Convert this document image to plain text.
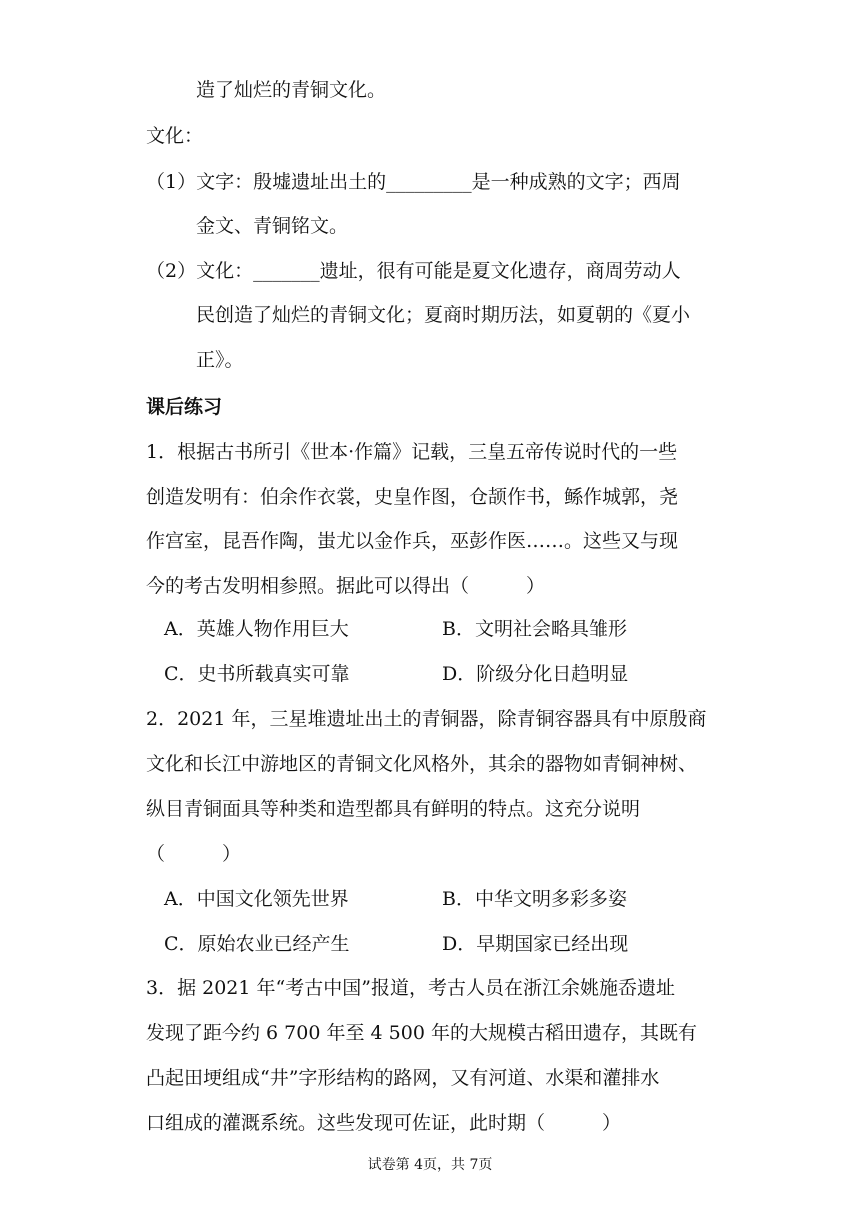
造了灿烂的青铜文化。
文化：
（1）文字：殷墟遗址出土的_________是一种成熟的文字；西周
金文、青铜铭文。
（2）文化：_______遗址，很有可能是夏文化遗存，商周劳动人
民创造了灿烂的青铜文化；夏商时期历法，如夏朝的《夏小
正》。
课后练习
1．根据古书所引《世本·作篇》记载，三皇五帝传说时代的一些
创造发明有：伯余作衣裳，史皇作图，仓颉作书，鲧作城郭，尧
作宫室，昆吾作陶，蚩尤以金作兵，巫彭作医……。这些又与现
今的考古发明相参照。据此可以得出（　　　）
A．英雄人物作用巨大	B．文明社会略具雏形
C．史书所载真实可靠	D．阶级分化日趋明显
2．2021 年，三星堆遗址出土的青铜器，除青铜容器具有中原殷商
文化和长江中游地区的青铜文化风格外，其余的器物如青铜神树、
纵目青铜面具等种类和造型都具有鲜明的特点。这充分说明
（　　　）
A．中国文化领先世界	B．中华文明多彩多姿
C．原始农业已经产生	D．早期国家已经出现
3．据 2021 年“考古中国”报道，考古人员在浙江余姚施岙遗址
发现了距今约 6 700 年至 4 500 年的大规模古稻田遗存，其既有
凸起田埂组成“井”字形结构的路网，又有河道、水渠和灌排水
口组成的灌溉系统。这些发现可佐证，此时期（　　　）
试卷第 4页，共 7页
